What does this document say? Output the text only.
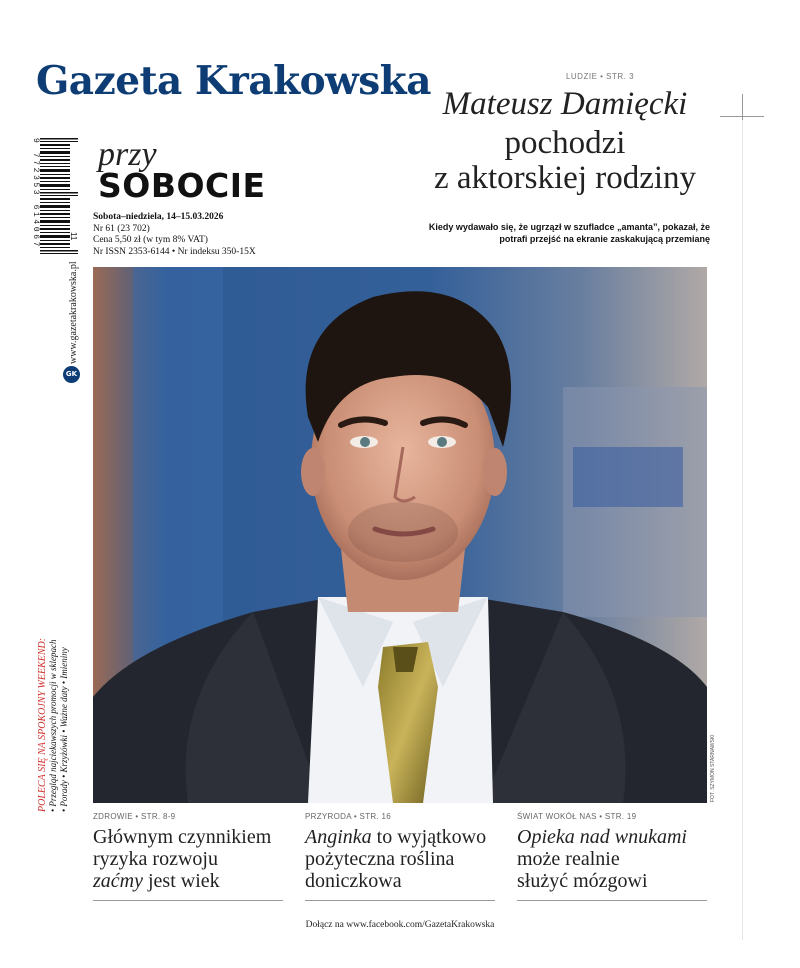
Gazeta Krakowska
9 772353 614067	11
przy
SOBOCIE
Sobota–niedziela, 14–15.03.2026
Nr 61 (23 702)
Cena 5,50 zł (w tym 8% VAT)
Nr ISSN 2353-6144 • Nr indeksu 350-15X
www.gazetakrakowska.pl
GK
POLECA SIĘ NA SPOKOJNY WEEKEND: • Przegląd najciekawszych promocji w sklepach • Porady • Krzyżówki • Ważne daty • Imieniny
LUDZIE • STR. 3
Mateusz Damięcki
pochodzi
z aktorskiej rodziny
Kiedy wydawało się, że ugrzązł w szufladce „amanta”, pokazał, że potrafi przejść na ekranie zaskakującą przemianę
FOT. SZYMON STARNAWSKI
ZDROWIE • STR. 8-9
Głównym czynnikiem
ryzyka rozwoju
zaćmy jest wiek
PRZYRODA • STR. 16
Anginka to wyjątkowo
pożyteczna roślina
doniczkowa
ŚWIAT WOKÓŁ NAS • STR. 19
Opieka nad wnukami
może realnie
służyć mózgowi
Dołącz na www.facebook.com/GazetaKrakowska
